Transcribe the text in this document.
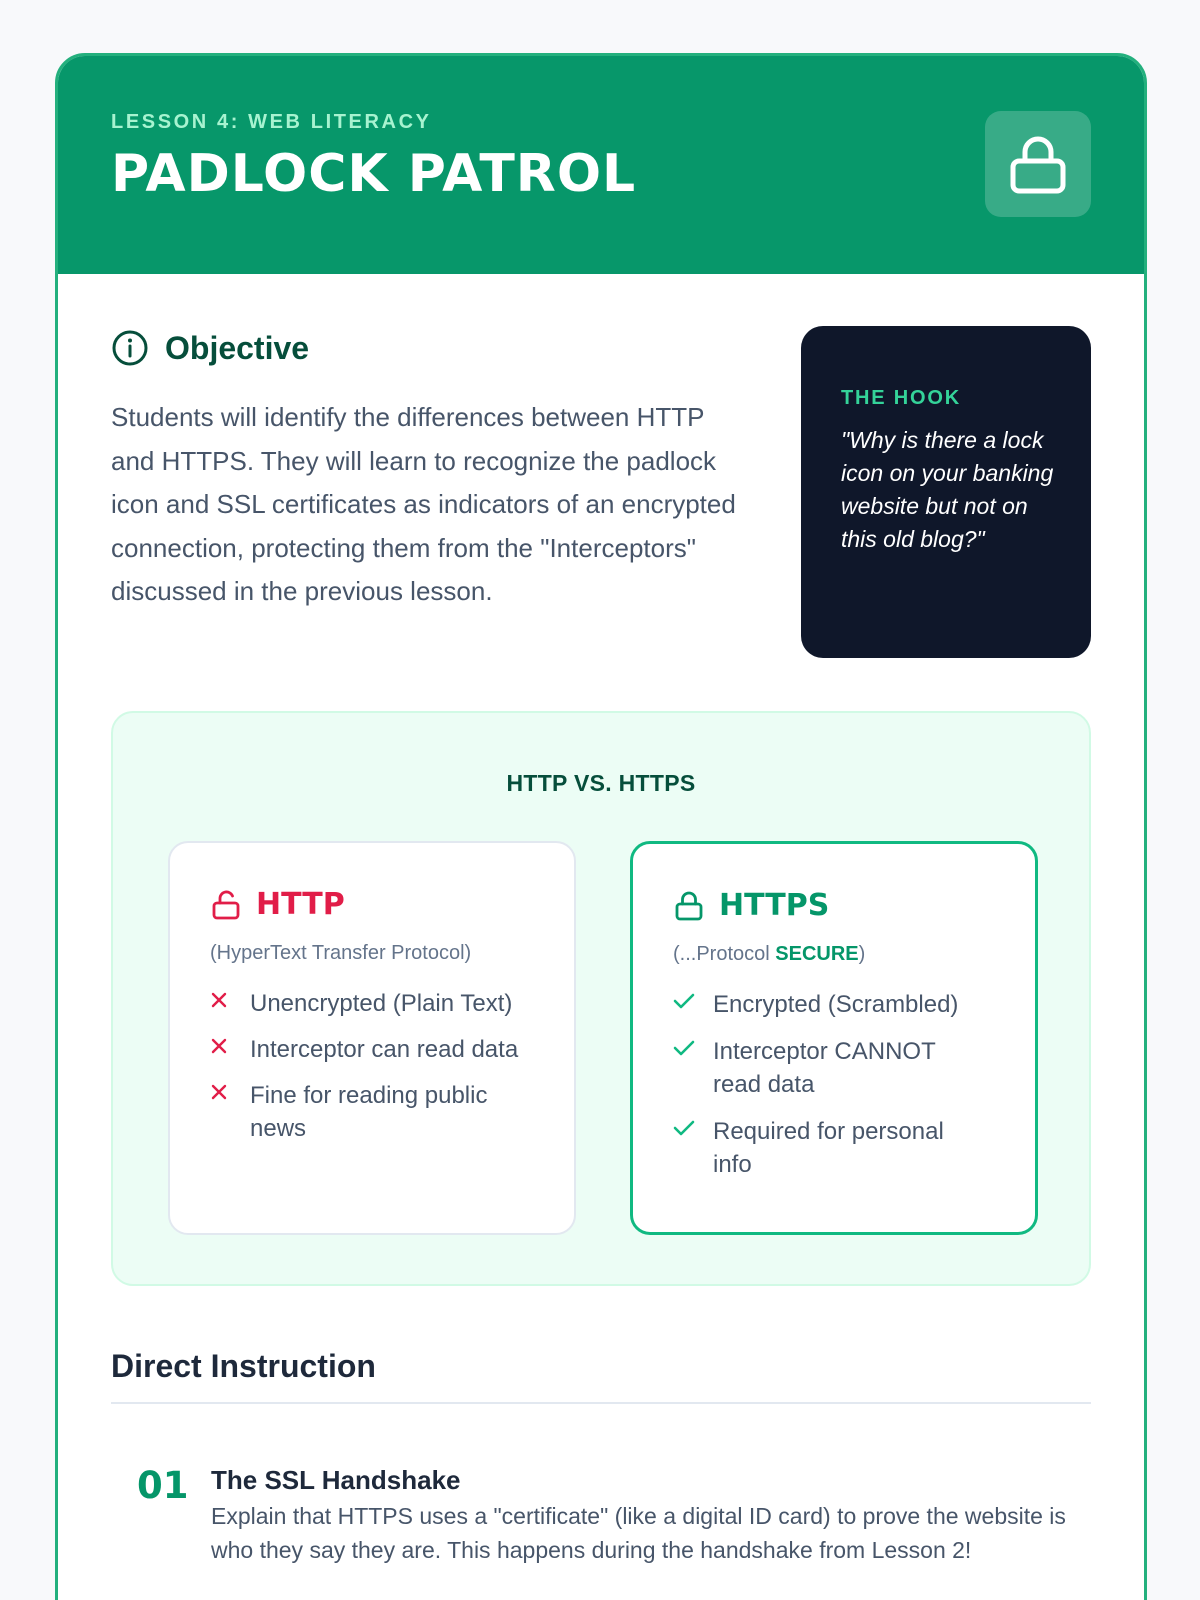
LESSON 4: WEB LITERACY
PADLOCK PATROL
Objective

Students will identify the differences between HTTP and HTTPS. They will learn to recognize the padlock icon and SSL certificates as indicators of an encrypted connection, protecting them from the "Interceptors" discussed in the previous lesson.

THE HOOK
"Why is there a lock icon on your banking website but not on this old blog?"
HTTP VS. HTTPS
HTTP
(HyperText Transfer Protocol)
Unencrypted (Plain Text)
Interceptor can read data
Fine for reading public news
HTTPS
(...Protocol SECURE)
Encrypted (Scrambled)
Interceptor CANNOT read data
Required for personal info
Direct Instruction
01 The SSL Handshake
Explain that HTTPS uses a "certificate" (like a digital ID card) to prove the website is who they say they are. This happens during the handshake from Lesson 2!
